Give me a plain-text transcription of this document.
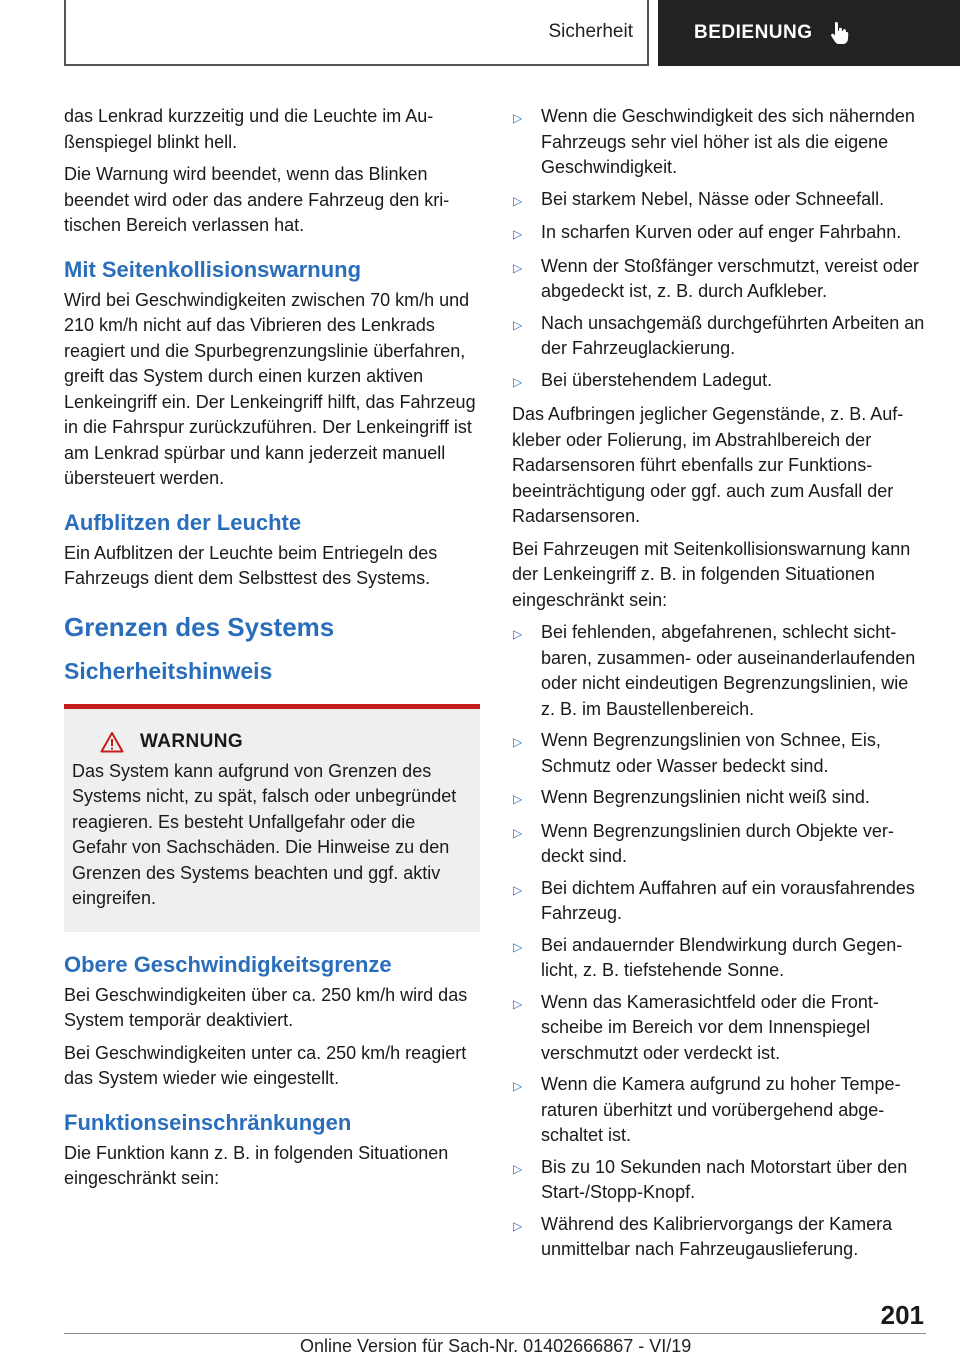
Sicherheit	BEDIENUNG

das Lenkrad kurzzeitig und die Leuchte im Außenspiegel blinkt hell.

Die Warnung wird beendet, wenn das Blinken beendet wird oder das andere Fahrzeug den kritischen Bereich verlassen hat.

Mit Seitenkollisionswarnung

Wird bei Geschwindigkeiten zwischen 70 km/h und 210 km/h nicht auf das Vibrieren des Lenkrads reagiert und die Spurbegrenzungslinie überfahren, greift das System durch einen kurzen aktiven Lenkeingriff ein. Der Lenkeingriff hilft, das Fahrzeug in die Fahrspur zurückzuführen. Der Lenkeingriff ist am Lenkrad spürbar und kann jederzeit manuell übersteuert werden.

Aufblitzen der Leuchte

Ein Aufblitzen der Leuchte beim Entriegeln des Fahrzeugs dient dem Selbsttest des Systems.

Grenzen des Systems
Sicherheitshinweis
WARNUNG

Das System kann aufgrund von Grenzen des Systems nicht, zu spät, falsch oder unbegründet reagieren. Es besteht Unfallgefahr oder die Gefahr von Sachschäden. Die Hinweise zu den Grenzen des Systems beachten und ggf. aktiv eingreifen.

Obere Geschwindigkeitsgrenze

Bei Geschwindigkeiten über ca. 250 km/h wird das System temporär deaktiviert.

Bei Geschwindigkeiten unter ca. 250 km/h reagiert das System wieder wie eingestellt.

Funktionseinschränkungen

Die Funktion kann z. B. in folgenden Situationen eingeschränkt sein:

▷	Wenn die Geschwindigkeit des sich nähernden Fahrzeugs sehr viel höher ist als die eigene Geschwindigkeit.
▷	Bei starkem Nebel, Nässe oder Schneefall.
▷	In scharfen Kurven oder auf enger Fahrbahn.
▷	Wenn der Stoßfänger verschmutzt, vereist oder abgedeckt ist, z. B. durch Aufkleber.
▷	Nach unsachgemäß durchgeführten Arbeiten an der Fahrzeuglackierung.
▷	Bei überstehendem Ladegut.

Das Aufbringen jeglicher Gegenstände, z. B. Aufkleber oder Folierung, im Abstrahlbereich der Radarsensoren führt ebenfalls zur Funktionsbeeinträchtigung oder ggf. auch zum Ausfall der Radarsensoren.

Bei Fahrzeugen mit Seitenkollisionswarnung kann der Lenkeingriff z. B. in folgenden Situationen eingeschränkt sein:

▷	Bei fehlenden, abgefahrenen, schlecht sichtbaren, zusammen- oder auseinanderlaufenden oder nicht eindeutigen Begrenzungslinien, wie z. B. im Baustellenbereich.
▷	Wenn Begrenzungslinien von Schnee, Eis, Schmutz oder Wasser bedeckt sind.
▷	Wenn Begrenzungslinien nicht weiß sind.
▷	Wenn Begrenzungslinien durch Objekte verdeckt sind.
▷	Bei dichtem Auffahren auf ein vorausfahrendes Fahrzeug.
▷	Bei andauernder Blendwirkung durch Gegenlicht, z. B. tiefstehende Sonne.
▷	Wenn das Kamerasichtfeld oder die Frontscheibe im Bereich vor dem Innenspiegel verschmutzt oder verdeckt ist.
▷	Wenn die Kamera aufgrund zu hoher Temperaturen überhitzt und vorübergehend abgeschaltet ist.
▷	Bis zu 10 Sekunden nach Motorstart über den Start-/Stopp-Knopf.
▷	Während des Kalibriervorgangs der Kamera unmittelbar nach Fahrzeugauslieferung.
201
Online Version für Sach-Nr. 01402666867 - VI/19
